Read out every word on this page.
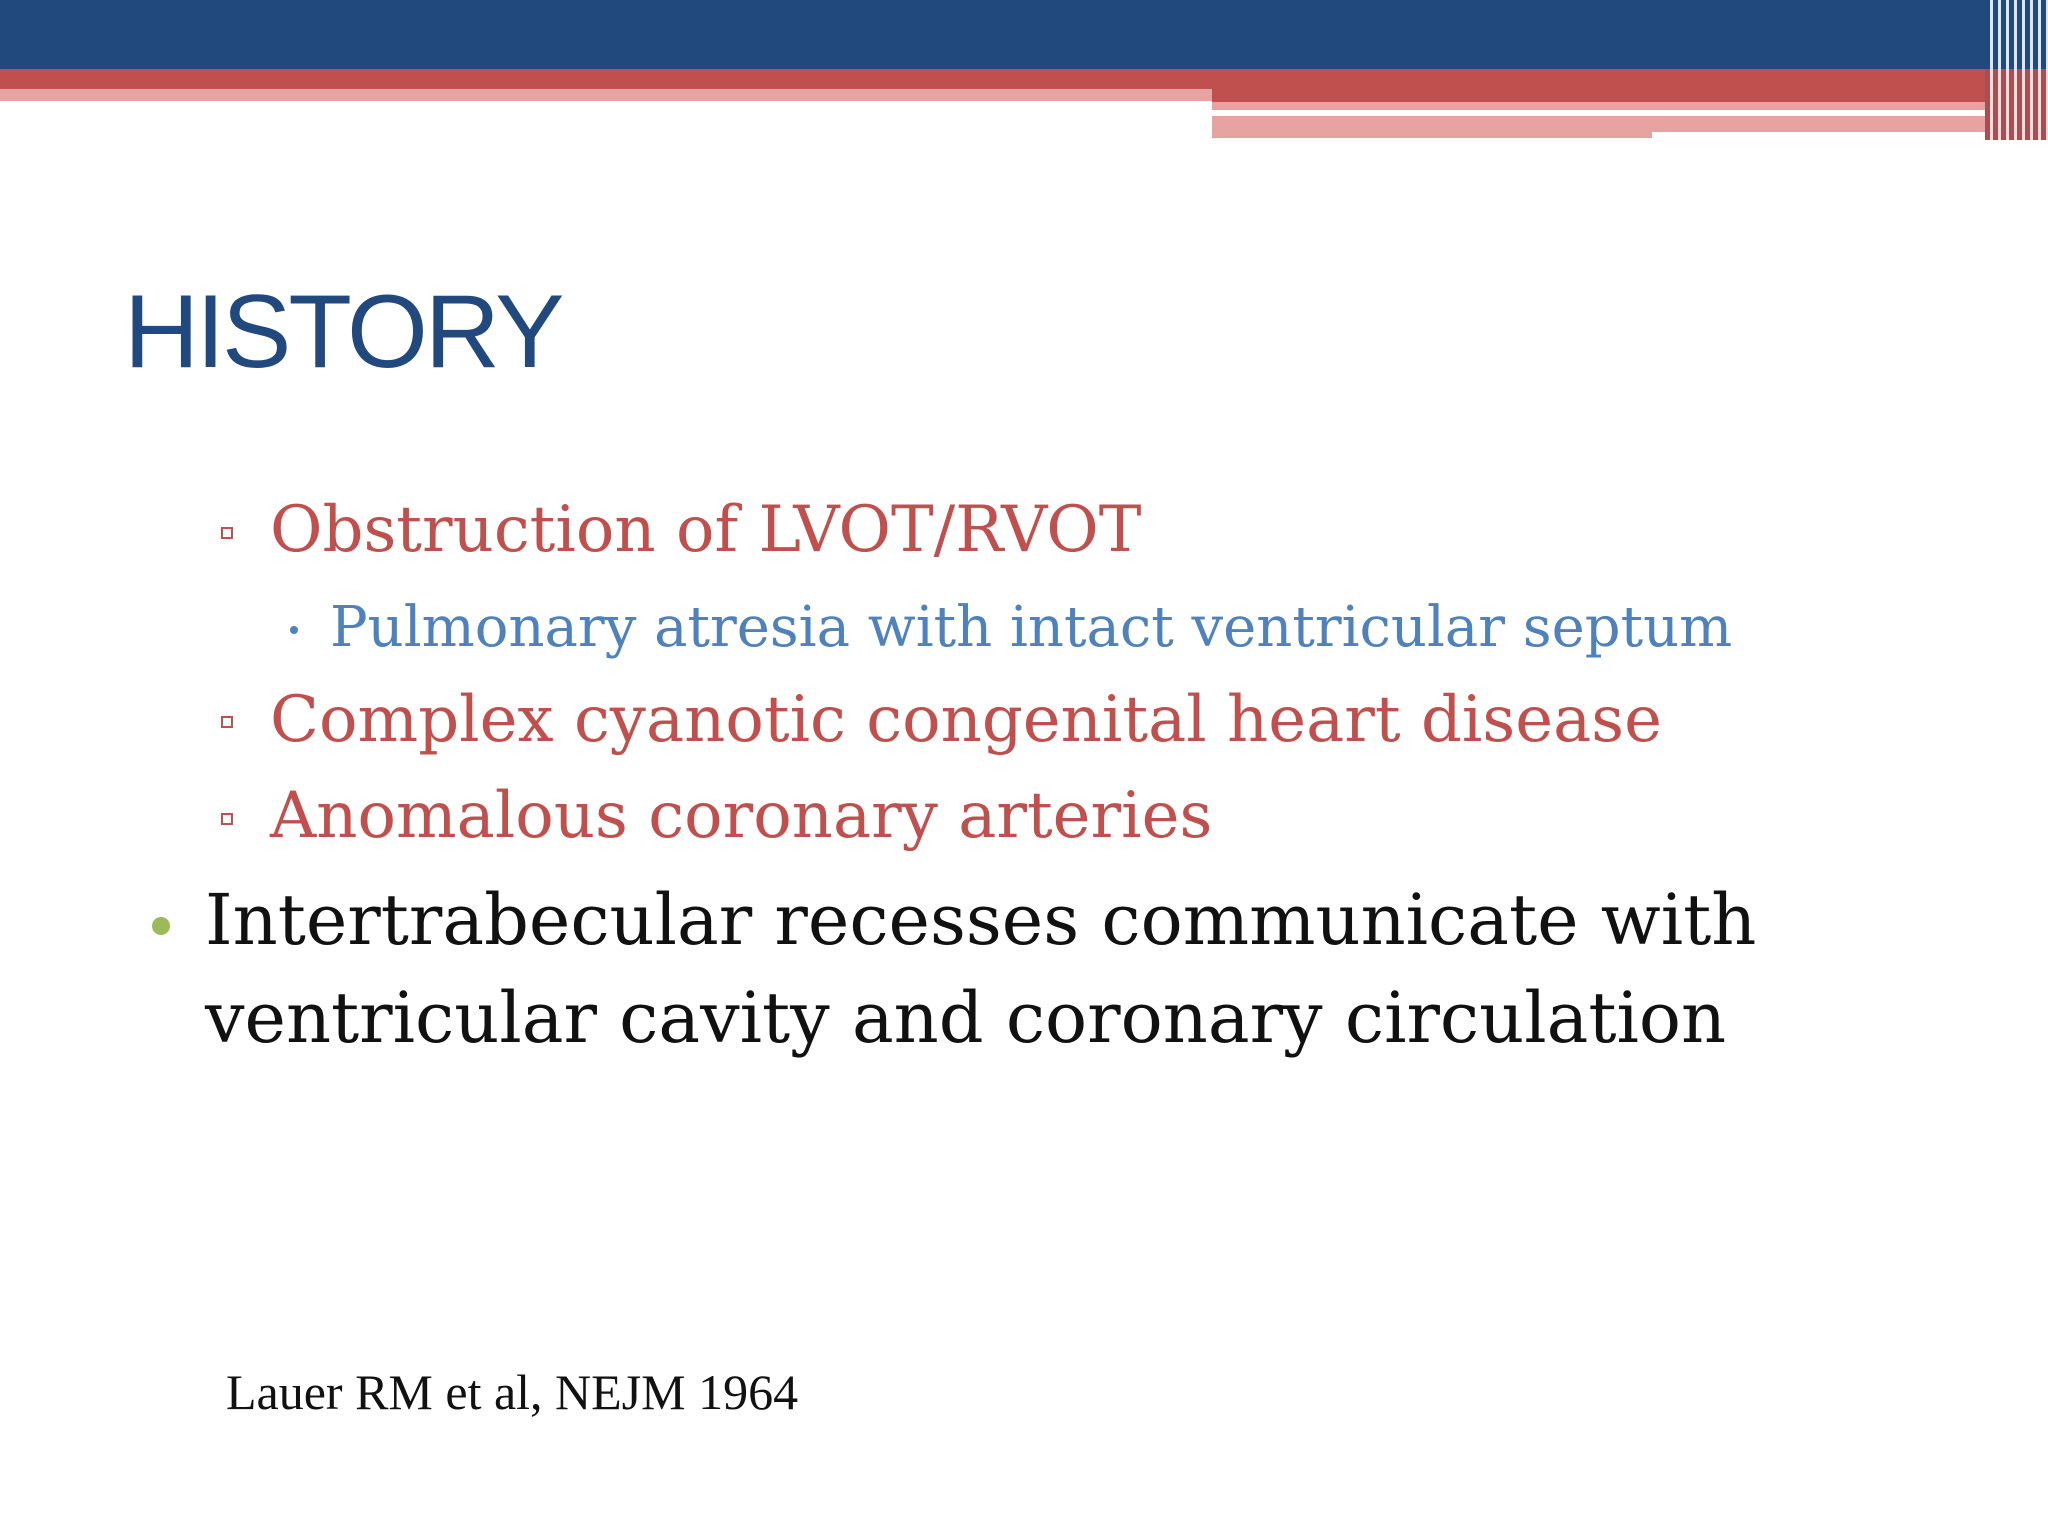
HISTORY
Obstruction of LVOT/RVOT
Pulmonary atresia with intact ventricular septum
Complex cyanotic congenital heart disease
Anomalous coronary arteries
Intertrabecular recesses communicate with
ventricular cavity and coronary circulation
Lauer RM et al, NEJM 1964
